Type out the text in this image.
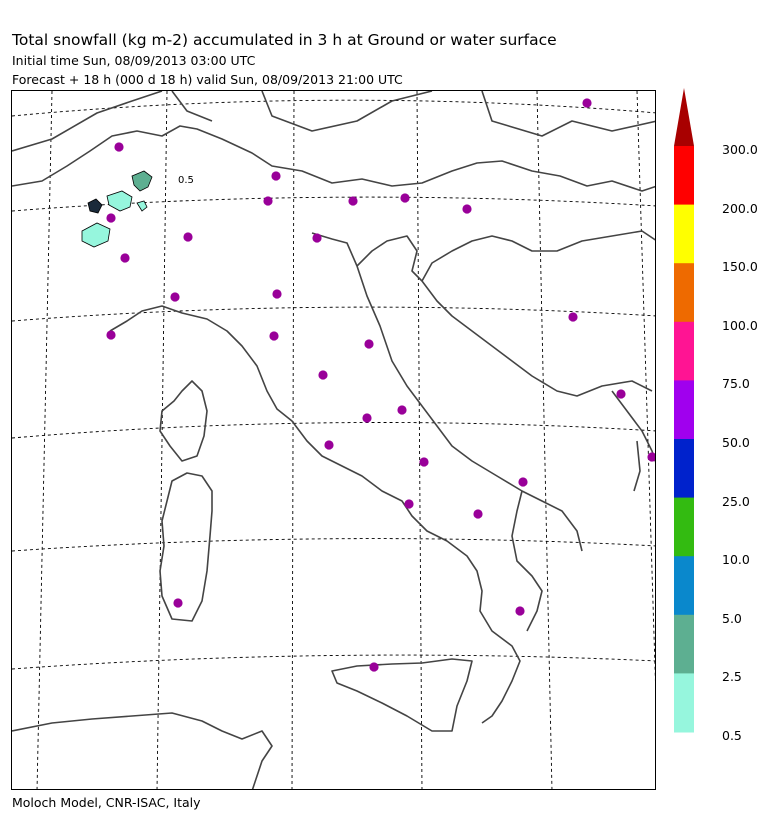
Total snowfall (kg m-2) accumulated in 3 h at Ground or water surface
Initial time Sun, 08/09/2013 03:00 UTC
Forecast + 18 h (000 d 18 h) valid Sun, 08/09/2013 21:00 UTC
0.5
300.0
200.0
150.0
100.0
75.0
50.0
25.0
10.0
5.0
2.5
0.5
Moloch Model, CNR-ISAC, Italy
